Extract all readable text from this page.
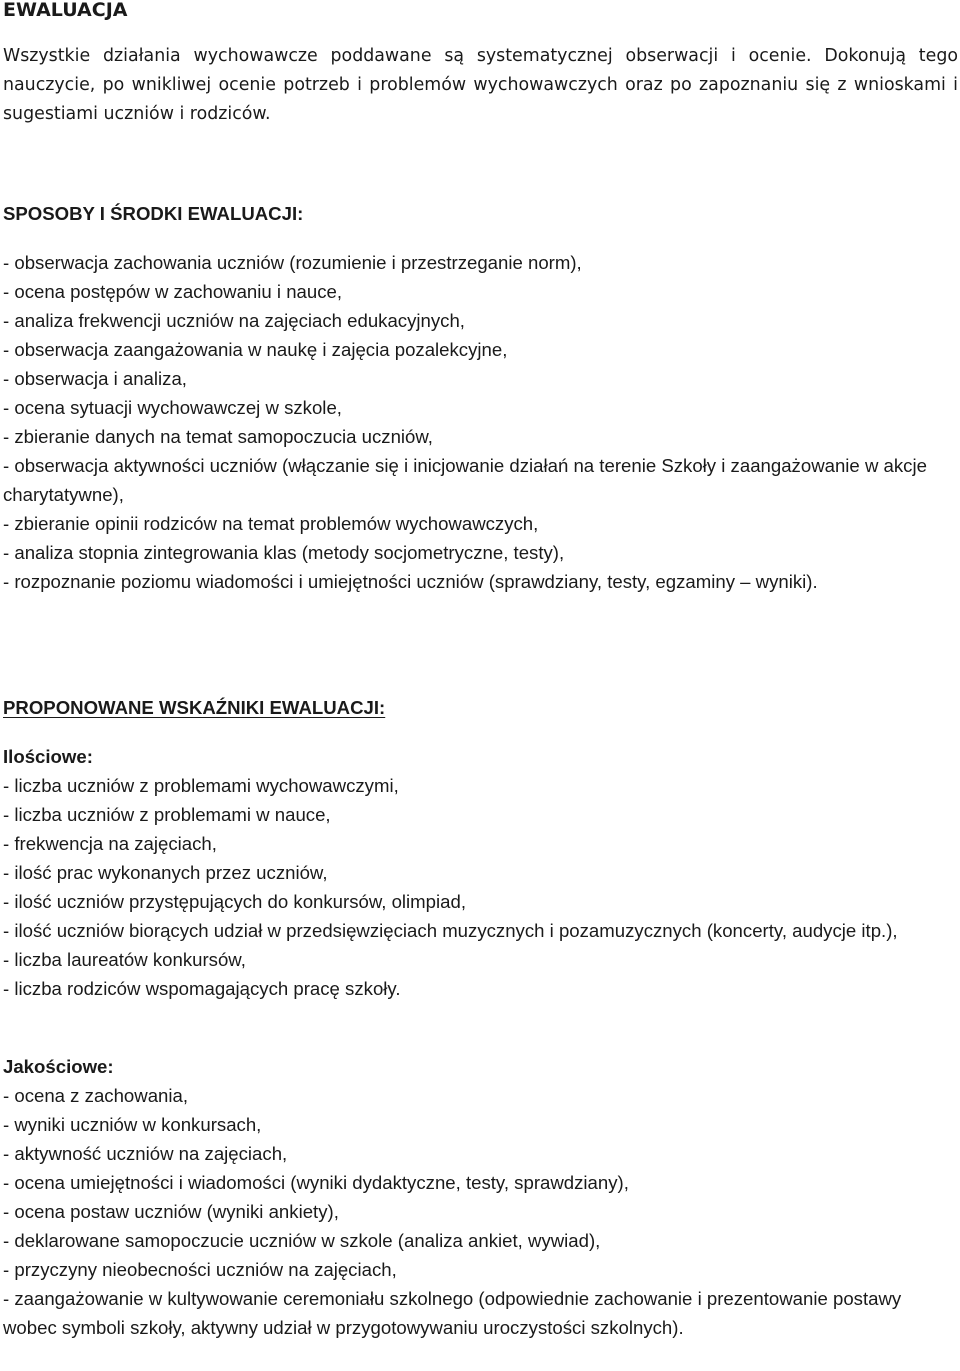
EWALUACJA

Wszystkie działania wychowawcze poddawane są systematycznej obserwacji i ocenie. Dokonują tego nauczycie, po wnikliwej ocenie potrzeb i problemów wychowawczych oraz po zapoznaniu się z wnioskami i sugestiami uczniów i rodziców.

SPOSOBY I ŚRODKI EWALUACJI:
- obserwacja zachowania uczniów (rozumienie i przestrzeganie norm),
- ocena postępów w zachowaniu i nauce,
- analiza frekwencji uczniów na zajęciach edukacyjnych,
- obserwacja zaangażowania w naukę i zajęcia pozalekcyjne,
- obserwacja i analiza,
- ocena sytuacji wychowawczej w szkole,
- zbieranie danych na temat samopoczucia uczniów,
- obserwacja aktywności uczniów (włączanie się i inicjowanie działań na terenie Szkoły i zaangażowanie w akcje charytatywne),
- zbieranie opinii rodziców na temat problemów wychowawczych,
- analiza stopnia zintegrowania klas (metody socjometryczne, testy),
- rozpoznanie poziomu wiadomości i umiejętności uczniów (sprawdziany, testy, egzaminy – wyniki).
PROPONOWANE WSKAŹNIKI EWALUACJI:
Ilościowe:
- liczba uczniów z problemami wychowawczymi,
- liczba uczniów z problemami w nauce,
- frekwencja na zajęciach,
- ilość prac wykonanych przez uczniów,
- ilość uczniów przystępujących do konkursów, olimpiad,
- ilość uczniów biorących udział w przedsięwzięciach muzycznych i pozamuzycznych (koncerty, audycje itp.),
- liczba laureatów konkursów,
- liczba rodziców wspomagających pracę szkoły.
Jakościowe:
- ocena z zachowania,
- wyniki uczniów w konkursach,
- aktywność uczniów na zajęciach,
- ocena umiejętności i wiadomości (wyniki dydaktyczne, testy, sprawdziany),
- ocena postaw uczniów (wyniki ankiety),
- deklarowane samopoczucie uczniów w szkole (analiza ankiet, wywiad),
- przyczyny nieobecności uczniów na zajęciach,
- zaangażowanie w kultywowanie ceremoniału szkolnego (odpowiednie zachowanie i prezentowanie postawy wobec symboli szkoły, aktywny udział w przygotowywaniu uroczystości szkolnych).
